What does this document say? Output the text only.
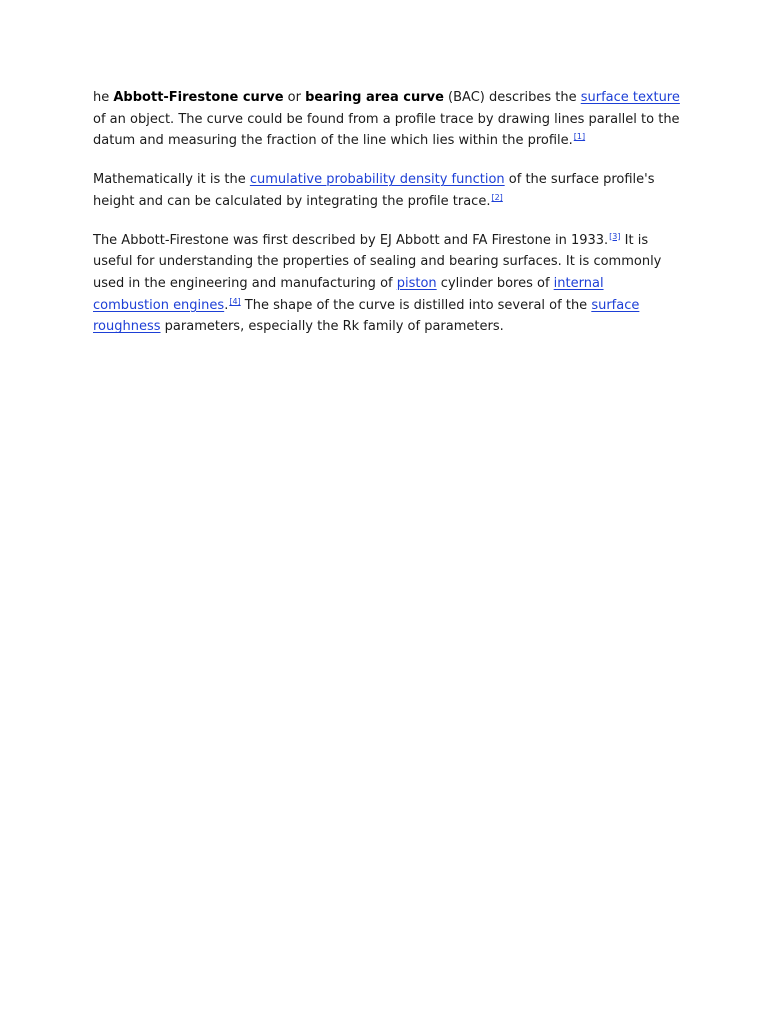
he Abbott-Firestone curve or bearing area curve (BAC) describes the surface texture of an object. The curve could be found from a profile trace by drawing lines parallel to the datum and measuring the fraction of the line which lies within the profile.[1]

Mathematically it is the cumulative probability density function of the surface profile's height and can be calculated by integrating the profile trace.[2]

The Abbott-Firestone was first described by EJ Abbott and FA Firestone in 1933.[3] It is useful for understanding the properties of sealing and bearing surfaces. It is commonly used in the engineering and manufacturing of piston cylinder bores of internal combustion engines.[4] The shape of the curve is distilled into several of the surface roughness parameters, especially the Rk family of parameters.
